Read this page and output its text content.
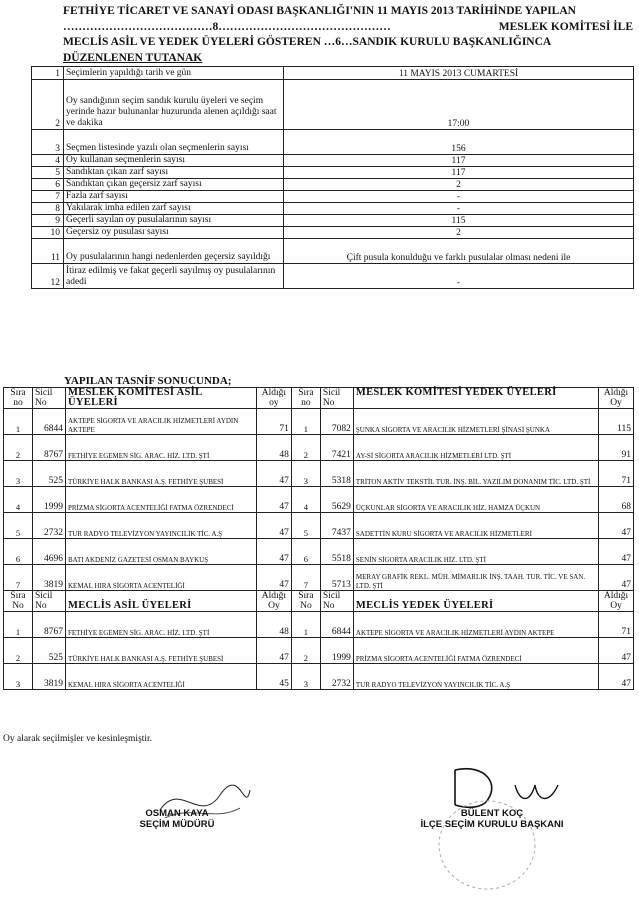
FETHİYE TİCARET VE SANAYİ ODASI BAŞKANLIĞI'NIN 11 MAYIS 2013 TARİHİNDE YAPILAN
…………………………………8………………………………………	MESLEK KOMİTESİ İLE
MECLİS ASİL VE YEDEK ÜYELERİ GÖSTEREN …6…SANDIK KURULU BAŞKANLIĞINCA
DÜZENLENEN TUTANAK
1	Seçimlerin yapıldığı tarih ve gün	11 MAYIS 2013 CUMARTESİ
2	Oy sandığının seçim sandık kurulu üyeleri ve seçim yerinde hazır bulunanlar huzurunda alenen açıldığı saat ve dakika	17:00
3	Seçmen listesinde yazılı olan seçmenlerin sayısı	156
4	Oy kullanan seçmenlerin sayısı	117
5	Sandıktan çıkan zarf sayısı	117
6	Sandıktan çıkan geçersiz zarf sayısı	2
7	Fazla zarf sayısı	-
8	Yakılarak imha edilen zarf sayısı	-
9	Geçerli sayılan oy pusulalarının sayısı	115
10	Geçersiz oy pusulası sayısı	2
11	Oy pusulalarının hangi nedenlerden geçersiz sayıldığı	Çift pusula konulduğu ve farklı pusulalar olması nedeni ile
12	İtiraz edilmiş ve fakat geçerli sayılmış oy pusulalarının adedi	-
YAPILAN TASNİF SONUCUNDA;
Sıra no	Sicil No	MESLEK KOMİTESİ ASİL ÜYELERİ	Aldığı oy	Sıra no	Sicil No	MESLEK KOMİTESİ YEDEK ÜYELERİ	Aldığı Oy
1	6844	AKTEPE SİGORTA VE ARACILIK HİZMETLERİ AYDIN AKTEPE	71	1	7082	ŞUNKA SİGORTA VE ARACILIK HİZMETLERİ ŞİNASİ ŞUNKA	115
2	8767	FETHİYE EGEMEN SİG. ARAC. HİZ. LTD. ŞTİ	48	2	7421	AY-Sİ SİGORTA ARACILIK HİZMETLERİ LTD. ŞTİ	91
3	525	TÜRKİYE HALK BANKASI A.Ş. FETHİYE ŞUBESİ	47	3	5318	TRİTON AKTİV TEKSTİL TUR. İNŞ. BİL. YAZILIM DONANIM TİC. LTD. ŞTİ	71
4	1999	PRİZMA SİGORTA ACENTELİĞİ FATMA ÖZRENDECİ	47	4	5629	ÜÇKUNLAR SİGORTA VE ARACILIK HİZ. HAMZA ÜÇKUN	68
5	2732	TUR RADYO TELEVİZYON YAYINCILIK TİC. A.Ş	47	5	7437	SADETTİN KURU SİGORTA VE ARACILIK HİZMETLERİ	47
6	4696	BATI AKDENİZ GAZETESİ OSMAN BAYKUŞ	47	6	5518	SENİN SİGORTA ARACILIK HİZ. LTD. ŞTİ	47
7	3819	KEMAL HIRA SİGORTA ACENTELİĞİ	47	7	5713	MERAY GRAFİK REKL. MÜH. MİMARLIK İNŞ. TAAH. TUR. TİC. VE SAN. LTD. ŞTİ	47
Sıra No	Sicil No	MECLİS ASİL ÜYELERİ	Aldığı Oy	Sıra No	Sicil No	MECLİS YEDEK ÜYELERİ	Aldığı Oy
1	8767	FETHİYE EGEMEN SİG. ARAC. HİZ. LTD. ŞTİ	48	1	6844	AKTEPE SİGORTA VE ARACILIK HİZMETLERİ AYDIN AKTEPE	71
2	525	TÜRKİYE HALK BANKASI A.Ş. FETHİYE ŞUBESİ	47	2	1999	PRİZMA SİGORTA ACENTELİĞİ FATMA ÖZRENDECİ	47
3	3819	KEMAL HIRA SİGORTA ACENTELİĞİ	45	3	2732	TUR RADYO TELEVİZYON YAYINCILIK TİC. A.Ş	47
Oy alarak seçilmişler ve kesinleşmiştir.
OSMAN KAYA
SEÇİM MÜDÜRÜ
BÜLENT KOÇ
İLÇE SEÇİM KURULU BAŞKANI
